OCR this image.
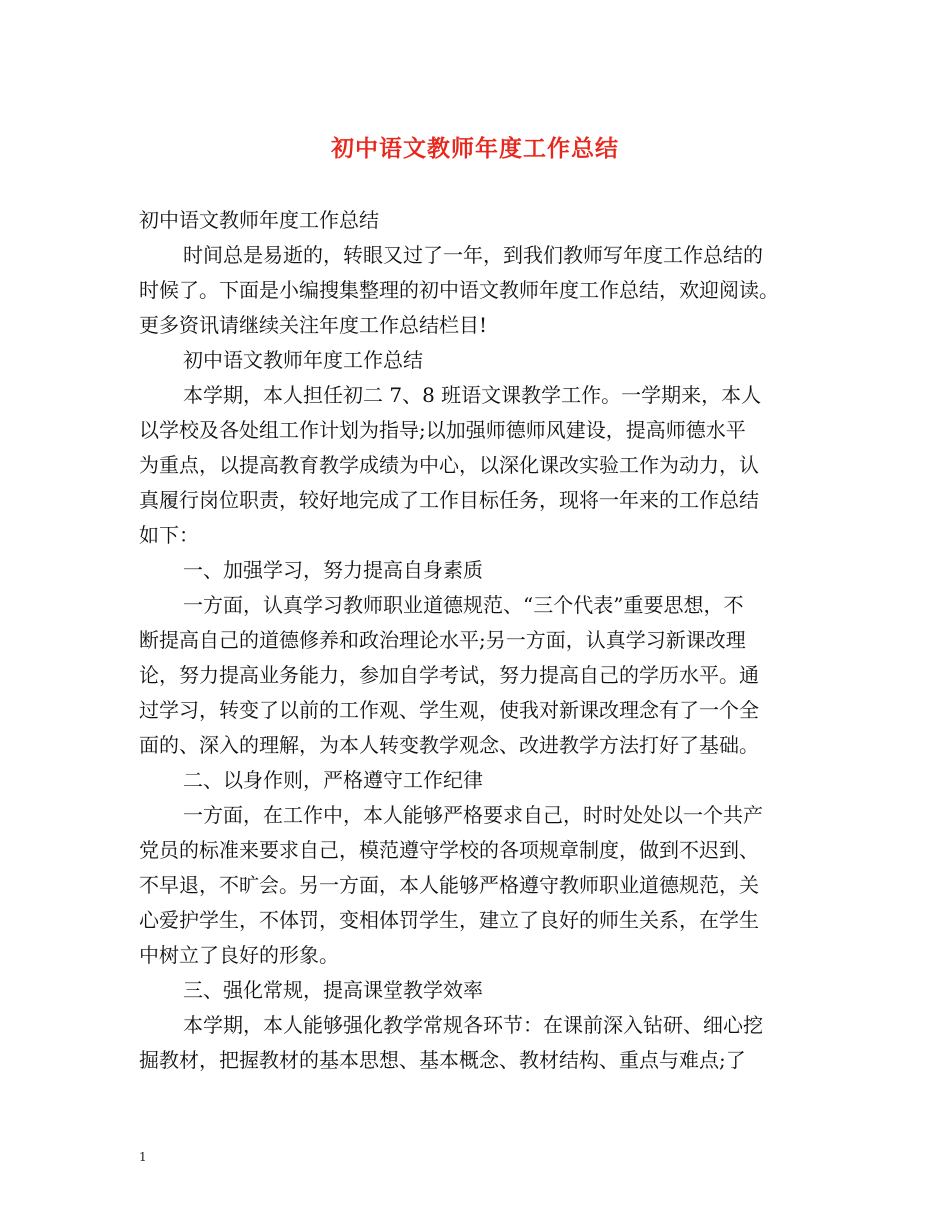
初中语文教师年度工作总结
初中语文教师年度工作总结
时间总是易逝的，转眼又过了一年，到我们教师写年度工作总结的
时候了。下面是小编搜集整理的初中语文教师年度工作总结，欢迎阅读。
更多资讯请继续关注年度工作总结栏目!
初中语文教师年度工作总结
本学期，本人担任初二 7、8 班语文课教学工作。一学期来，本人
以学校及各处组工作计划为指导;以加强师德师风建设，提高师德水平
为重点，以提高教育教学成绩为中心，以深化课改实验工作为动力，认
真履行岗位职责，较好地完成了工作目标任务，现将一年来的工作总结
如下：
一、加强学习，努力提高自身素质
一方面，认真学习教师职业道德规范、“三个代表”重要思想，不
断提高自己的道德修养和政治理论水平;另一方面，认真学习新课改理
论，努力提高业务能力，参加自学考试，努力提高自己的学历水平。通
过学习，转变了以前的工作观、学生观，使我对新课改理念有了一个全
面的、深入的理解，为本人转变教学观念、改进教学方法打好了基础。
二、以身作则，严格遵守工作纪律
一方面，在工作中，本人能够严格要求自己，时时处处以一个共产
党员的标准来要求自己，模范遵守学校的各项规章制度，做到不迟到、
不早退，不旷会。另一方面，本人能够严格遵守教师职业道德规范，关
心爱护学生，不体罚，变相体罚学生，建立了良好的师生关系，在学生
中树立了良好的形象。
三、强化常规，提高课堂教学效率
本学期，本人能够强化教学常规各环节：在课前深入钻研、细心挖
掘教材，把握教材的基本思想、基本概念、教材结构、重点与难点;了
1
